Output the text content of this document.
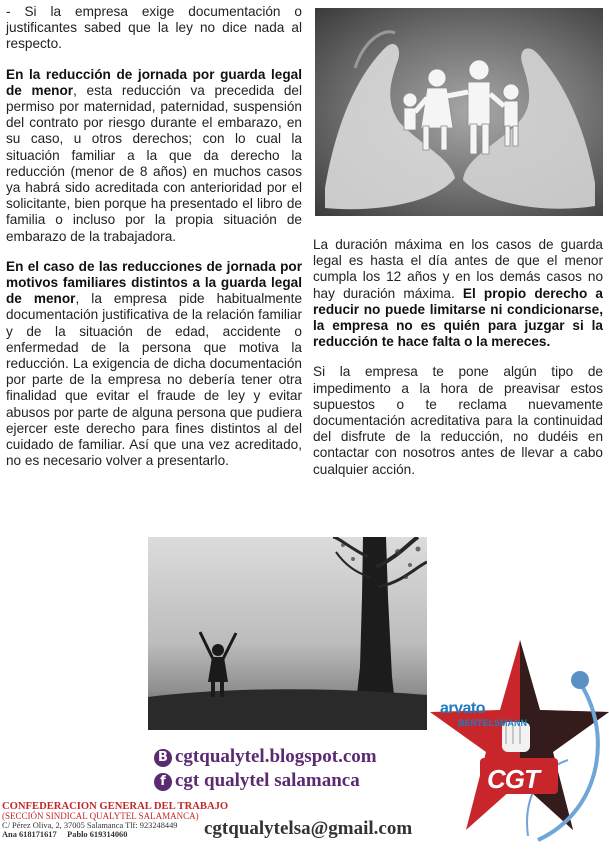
- Si la empresa exige documentación o justificantes sabed que la ley no dice nada al respecto.

En la reducción de jornada por guarda legal de menor, esta reducción va precedida del permiso por maternidad, paternidad, suspensión del contrato por riesgo durante el embarazo, en su caso, u otros derechos; con lo cual la situación familiar a la que da derecho la reducción (menor de 8 años) en muchos casos ya habrá sido acreditada con anterioridad por el solicitante, bien porque ha presentado el libro de familia o incluso por la propia situación de embarazo de la trabajadora.

En el caso de las reducciones de jornada por motivos familiares distintos a la guarda legal de menor, la empresa pide habitualmente documentación justificativa de la relación familiar y de la situación de edad, accidente o enfermedad de la persona que motiva la reducción. La exigencia de dicha documentación por parte de la empresa no debería tener otra finalidad que evitar el fraude de ley y evitar abusos por parte de alguna persona que pudiera ejercer este derecho para fines distintos al del cuidado de familiar. Así que una vez acreditado, no es necesario volver a presentarlo.

La duración máxima en los casos de guarda legal es hasta el día antes de que el menor cumpla los 12 años y en los demás casos no hay duración máxima. El propio derecho a reducir no puede limitarse ni condicionarse, la empresa no es quién para juzgar si la reducción te hace falta o la mereces.

Si la empresa te pone algún tipo de impedimento a la hora de preavisar estos supuestos o te reclama nuevamente documentación acreditativa para la continuidad del disfrute de la reducción, no dudéis en contactar con nosotros antes de llevar a cabo cualquier acción.

arvato
BERTELSMANN
CGT
B cgtqualytel.blogspot.com
f cgt qualytel salamanca
cgtqualytelsa@gmail.com
CONFEDERACION GENERAL DEL TRABAJO
(SECCIÓN SINDICAL QUALYTEL SALAMANCA)
C/ Pérez Oliva, 2, 37005 Salamanca Tlf: 923248449
Ana 618171617     Pablo 619314060
